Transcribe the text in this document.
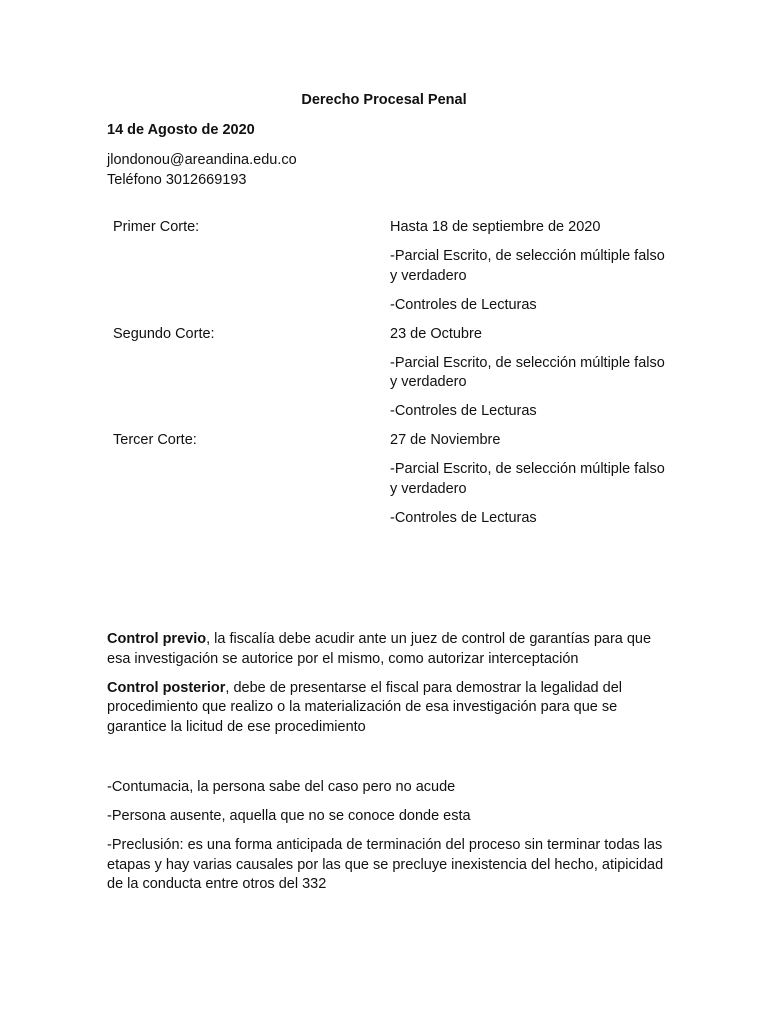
Derecho Procesal Penal
14 de Agosto de 2020
jlondonou@areandina.edu.co
Teléfono 3012669193
Primer Corte:	Hasta 18 de septiembre de 2020
-Parcial Escrito, de selección múltiple falso y verdadero
-Controles de Lecturas
Segundo Corte:	23 de Octubre
-Parcial Escrito, de selección múltiple falso y verdadero
-Controles de Lecturas
Tercer Corte:	27 de Noviembre
-Parcial Escrito, de selección múltiple falso y verdadero
-Controles de Lecturas

Control previo, la fiscalía debe acudir ante un juez de control de garantías para que esa investigación se autorice por el mismo, como autorizar interceptación

Control posterior, debe de presentarse el fiscal para demostrar la legalidad del procedimiento que realizo o la materialización de esa investigación para que se garantice la licitud de ese procedimiento

-Contumacia, la persona sabe del caso pero no acude

-Persona ausente, aquella que no se conoce donde esta

-Preclusión: es una forma anticipada de terminación del proceso sin terminar todas las etapas y hay varias causales por las que se precluye inexistencia del hecho, atipicidad de la conducta entre otros del 332
